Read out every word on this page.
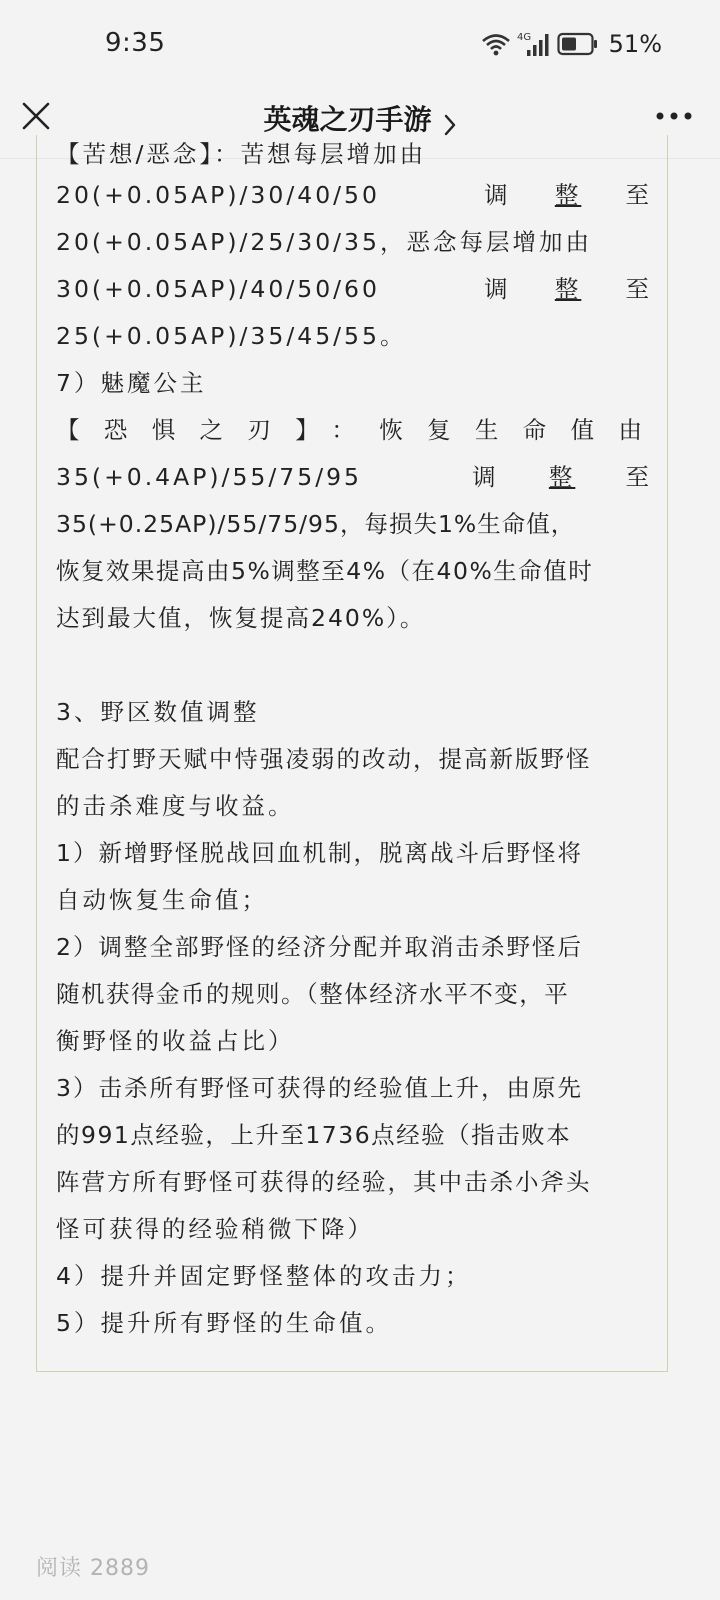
9:35	4G	51%
英魂之刃手游
【苦想/恶念】：苦想每层增加由
20(+0.05AP)/30/40/50	调 整 至
20(+0.05AP)/25/30/35，恶念每层增加由
30(+0.05AP)/40/50/60	调 整 至
25(+0.05AP)/35/45/55。
7）魅魔公主
【恐惧之刃】：恢复生命值由
35(+0.4AP)/55/75/95	调 整 至
35(+0.25AP)/55/75/95，每损失1%生命值，
恢复效果提高由5%调整至4%（在40%生命值时
达到最大值，恢复提高240%）。
3、野区数值调整
配合打野天赋中恃强凌弱的改动，提高新版野怪
的击杀难度与收益。
1）新增野怪脱战回血机制，脱离战斗后野怪将
自动恢复生命值；
2）调整全部野怪的经济分配并取消击杀野怪后
随机获得金币的规则。（整体经济水平不变，平
衡野怪的收益占比）
3）击杀所有野怪可获得的经验值上升，由原先
的991点经验，上升至1736点经验（指击败本
阵营方所有野怪可获得的经验，其中击杀小斧头
怪可获得的经验稍微下降）
4）提升并固定野怪整体的攻击力；
5）提升所有野怪的生命值。
阅读 2889
